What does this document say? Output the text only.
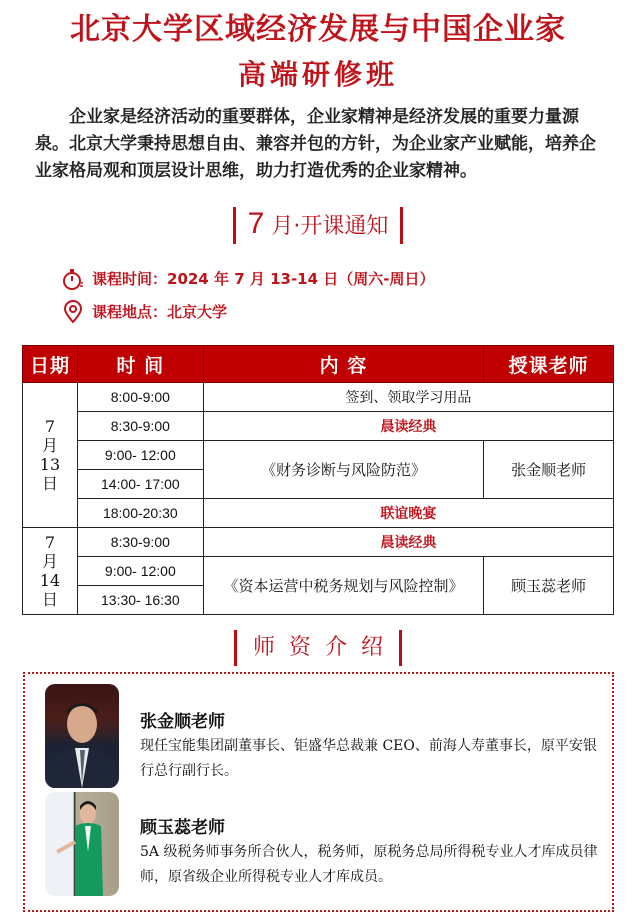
北京大学区域经济发展与中国企业家
高端研修班

企业家是经济活动的重要群体，企业家精神是经济发展的重要力量源泉。北京大学秉持思想自由、兼容并包的方针，为企业家产业赋能，培养企业家格局观和顶层设计思维，助力打造优秀的企业家精神。

7 月·开课通知
课程时间：2024 年 7 月 13-14 日（周六-周日）
课程地点：北京大学
日期	时 间	内 容	授课老师

7
月
13
日	8:00-9:00	签到、领取学习用品	
	8:30-9:00	晨读经典	
	9:00- 12:00	《财务诊断与风险防范》	张金顺老师
	14:00- 17:00		
	18:00-20:30	联谊晚宴	

7
月
14
日	8:30-9:00	晨读经典	
	9:00- 12:00	《资本运营中税务规划与风险控制》	顾玉蕊老师
	13:30- 16:30		
师资介绍
张金顺老师
现任宝能集团副董事长、钜盛华总裁兼 CEO、前海人寿董事长，原平安银行总行副行长。
顾玉蕊老师
5A 级税务师事务所合伙人，税务师，原税务总局所得税专业人才库成员律师，原省级企业所得税专业人才库成员。
